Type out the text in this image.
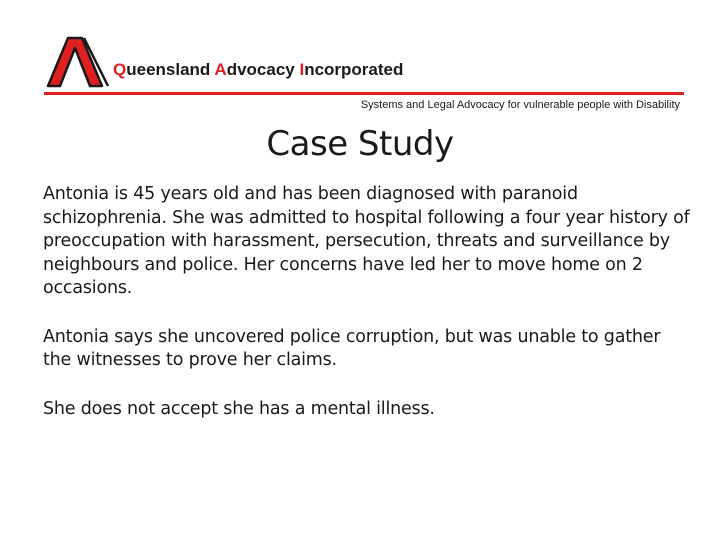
Queensland Advocacy Incorporated
Systems and Legal Advocacy for vulnerable people with Disability
Case Study

Antonia is 45 years old and has been diagnosed with paranoid schizophrenia. She was admitted to hospital following a four year history of preoccupation with harassment, persecution, threats and surveillance by neighbours and police. Her concerns have led her to move home on 2 occasions.

Antonia says she uncovered police corruption, but was unable to gather the witnesses to prove her claims.

She does not accept she has a mental illness.
